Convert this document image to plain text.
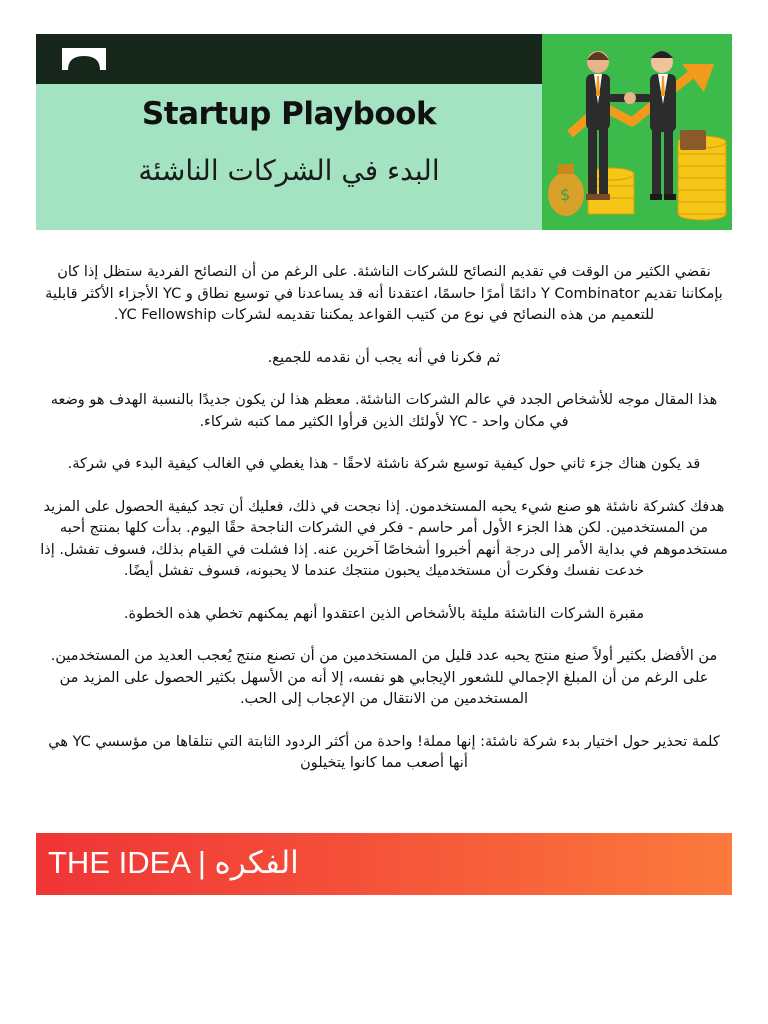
Startup Playbook
البدء في الشركات الناشئة
$

نقضي الكثير من الوقت في تقديم النصائح للشركات الناشئة. على الرغم من أن النصائح الفردية ستظل إذا كان بإمكاننا تقديم Y Combinator دائمًا أمرًا حاسمًا، اعتقدنا أنه قد يساعدنا في توسيع نطاق و YC الأجزاء الأكثر قابلية للتعميم من هذه النصائح في نوع من كتيب القواعد يمكننا تقديمه لشركات YC Fellowship.

ثم فكرنا في أنه يجب أن نقدمه للجميع.

هذا المقال موجه للأشخاص الجدد في عالم الشركات الناشئة. معظم هذا لن يكون جديدًا بالنسبة الهدف هو وضعه في مكان واحد - YC لأولئك الذين قرأوا الكثير مما كتبه شركاء.

قد يكون هناك جزء ثاني حول كيفية توسيع شركة ناشئة لاحقًا - هذا يغطي في الغالب كيفية البدء في شركة.

هدفك كشركة ناشئة هو صنع شيء يحبه المستخدمون. إذا نجحت في ذلك، فعليك أن تجد كيفية الحصول على المزيد من المستخدمين. لكن هذا الجزء الأول أمر حاسم - فكر في الشركات الناجحة حقًا اليوم. بدأت كلها بمنتج أحبه مستخدموهم في بداية الأمر إلى درجة أنهم أخبروا أشخاصًا آخرين عنه. إذا فشلت في القيام بذلك، فسوف تفشل. إذا خدعت نفسك وفكرت أن مستخدميك يحبون منتجك عندما لا يحبونه، فسوف تفشل أيضًا.

مقبرة الشركات الناشئة مليئة بالأشخاص الذين اعتقدوا أنهم يمكنهم تخطي هذه الخطوة.

من الأفضل بكثير أولاً صنع منتج يحبه عدد قليل من المستخدمين من أن تصنع منتج يُعجب العديد من المستخدمين. على الرغم من أن المبلغ الإجمالي للشعور الإيجابي هو نفسه، إلا أنه من الأسهل بكثير الحصول على المزيد من المستخدمين من الانتقال من الإعجاب إلى الحب.

كلمة تحذير حول اختيار بدء شركة ناشئة: إنها مملة! واحدة من أكثر الردود الثابتة التي نتلقاها من مؤسسي YC هي أنها أصعب مما كانوا يتخيلون

THE IDEA | الفكره
